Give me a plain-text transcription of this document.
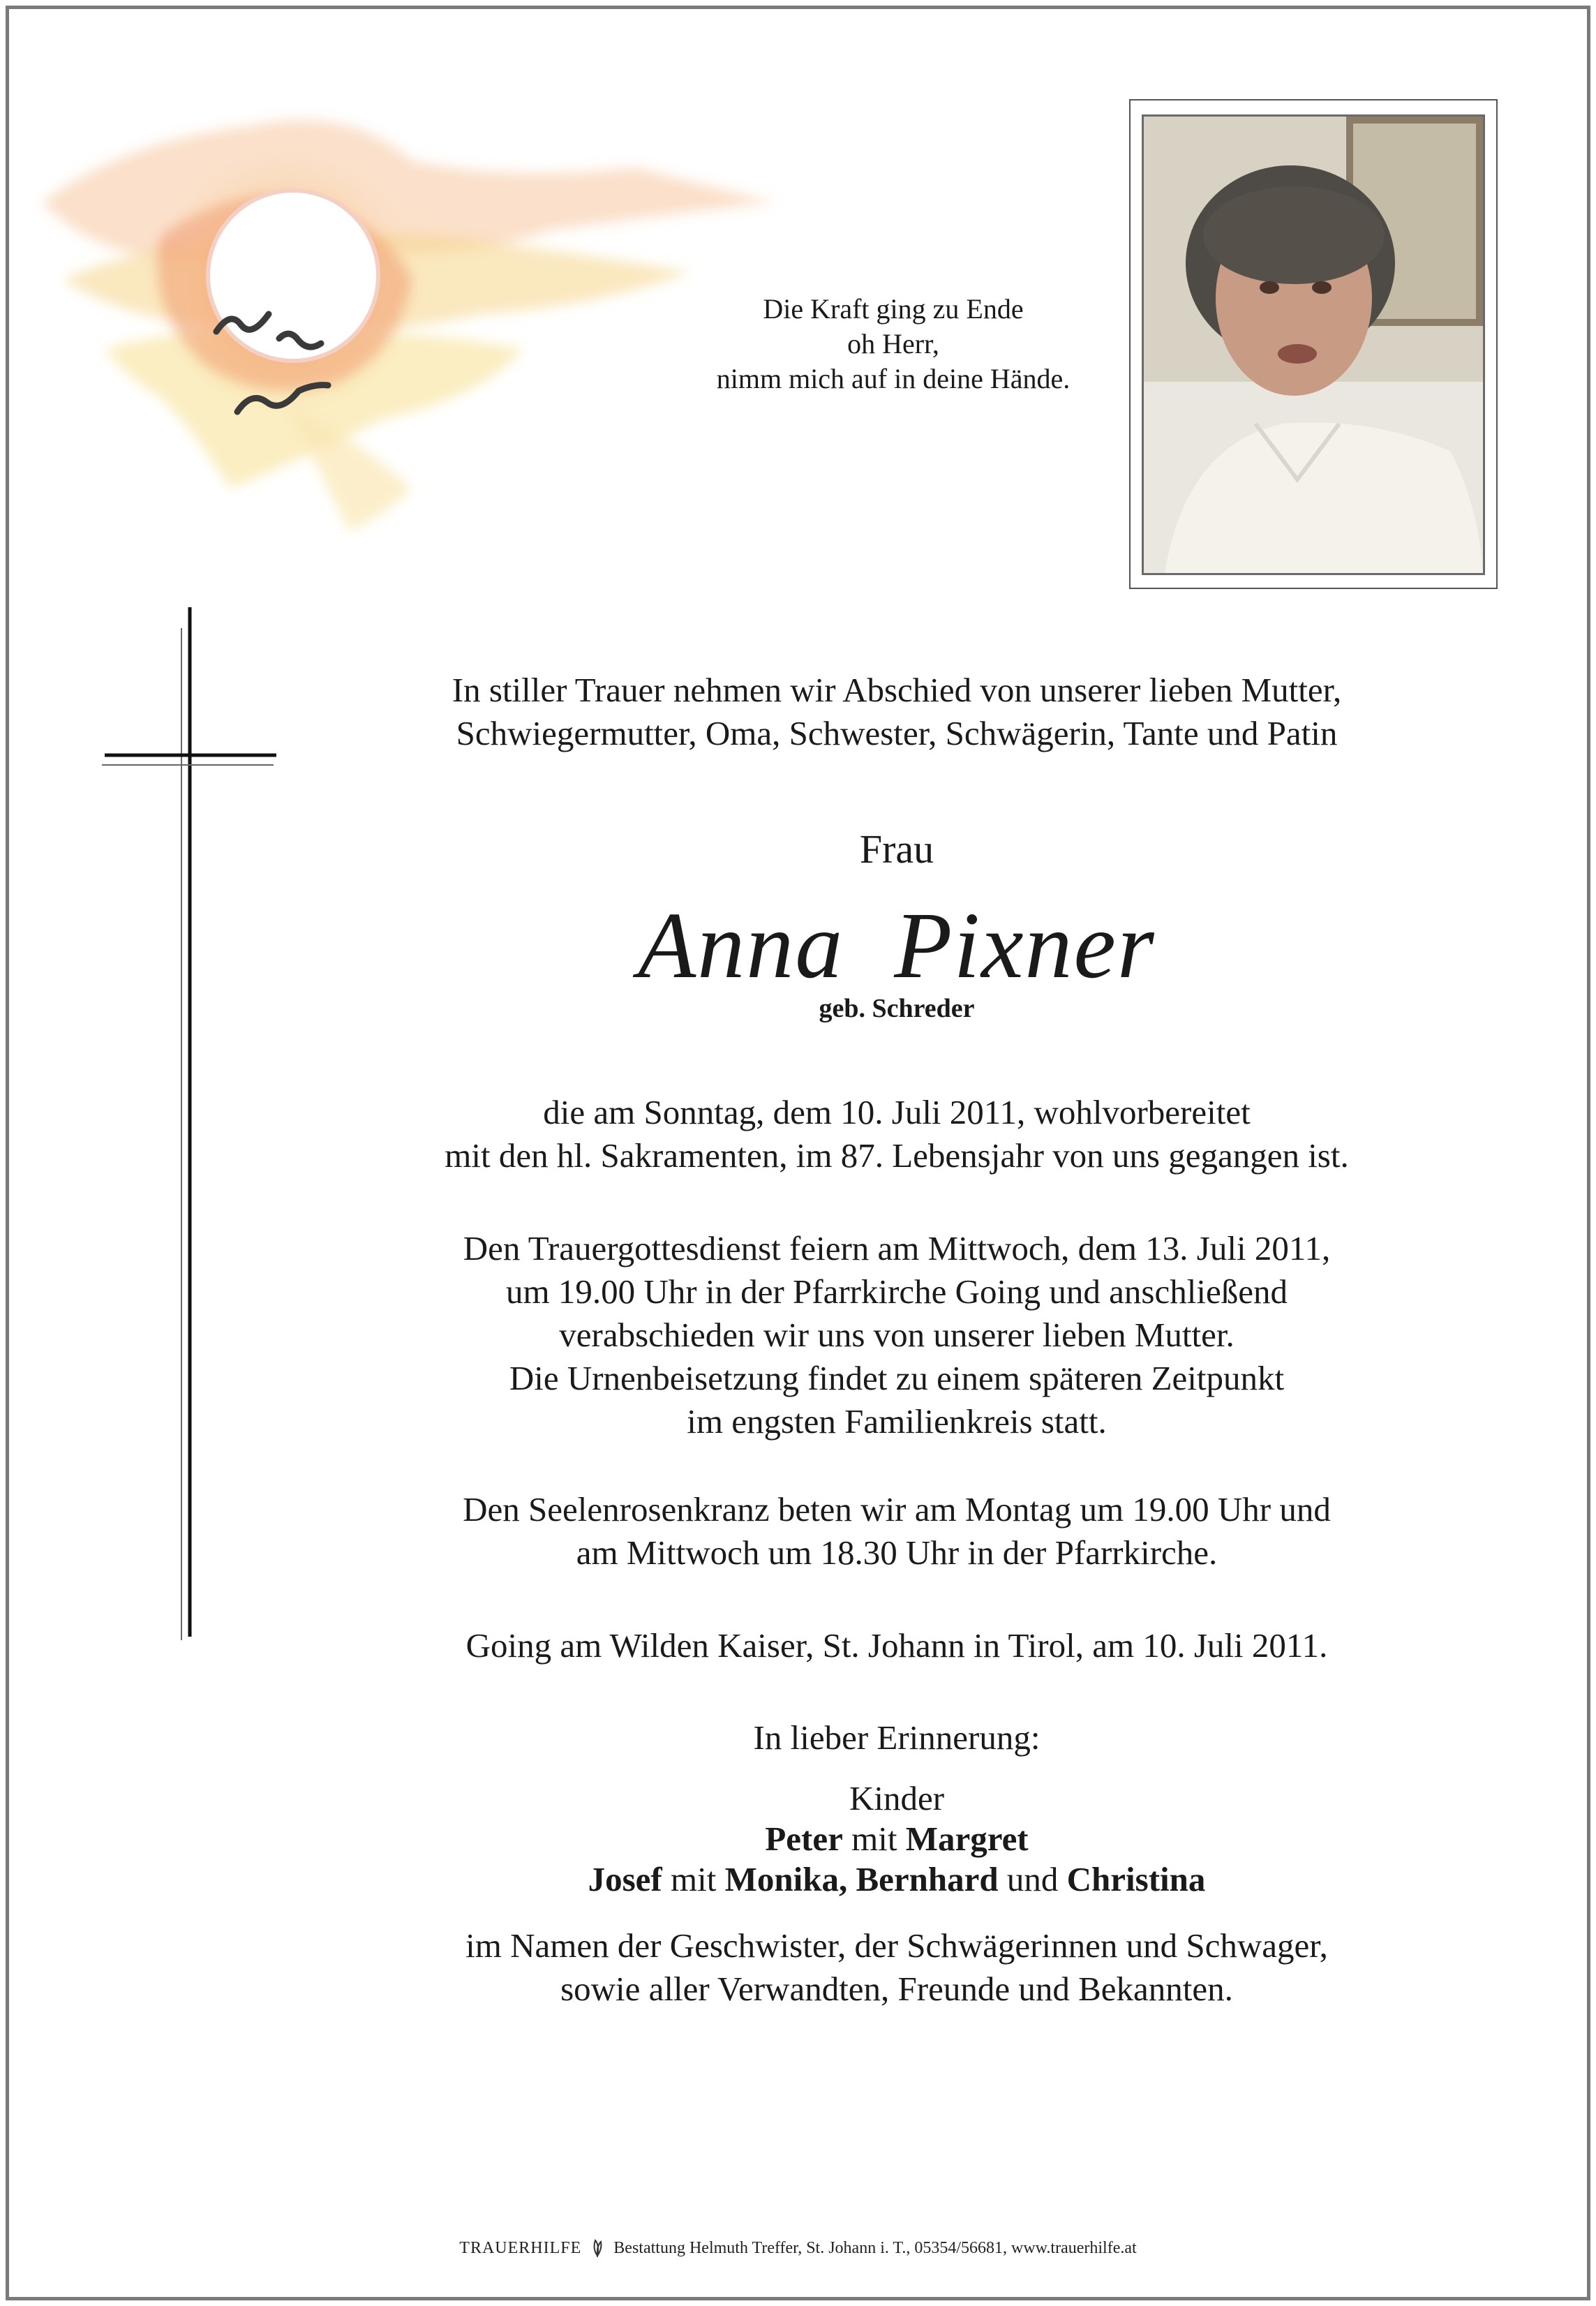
Die Kraft ging zu Ende
oh Herr,
nimm mich auf in deine Hände.

In stiller Trauer nehmen wir Abschied von unserer lieben Mutter,

Schwiegermutter, Oma, Schwester, Schwägerin, Tante und Patin

Frau
Anna  Pixner
geb. Schreder

die am Sonntag, dem 10. Juli 2011, wohlvorbereitet

mit den hl. Sakramenten, im 87. Lebensjahr von uns gegangen ist.

Den Trauergottesdienst feiern am Mittwoch, dem 13. Juli 2011,

um 19.00 Uhr in der Pfarrkirche Going und anschließend

verabschieden wir uns von unserer lieben Mutter.

Die Urnenbeisetzung findet zu einem späteren Zeitpunkt

im engsten Familienkreis statt.

Den Seelenrosenkranz beten wir am Montag um 19.00 Uhr und

am Mittwoch um 18.30 Uhr in der Pfarrkirche.

Going am Wilden Kaiser, St. Johann in Tirol, am 10. Juli 2011.
In lieber Erinnerung:

Kinder

Peter mit Margret

Josef mit Monika, Bernhard und Christina

im Namen der Geschwister, der Schwägerinnen und Schwager,

sowie aller Verwandten, Freunde und Bekannten.

TRAUERHILFE Bestattung Helmuth Treffer, St. Johann i. T., 05354/56681, www.trauerhilfe.at
